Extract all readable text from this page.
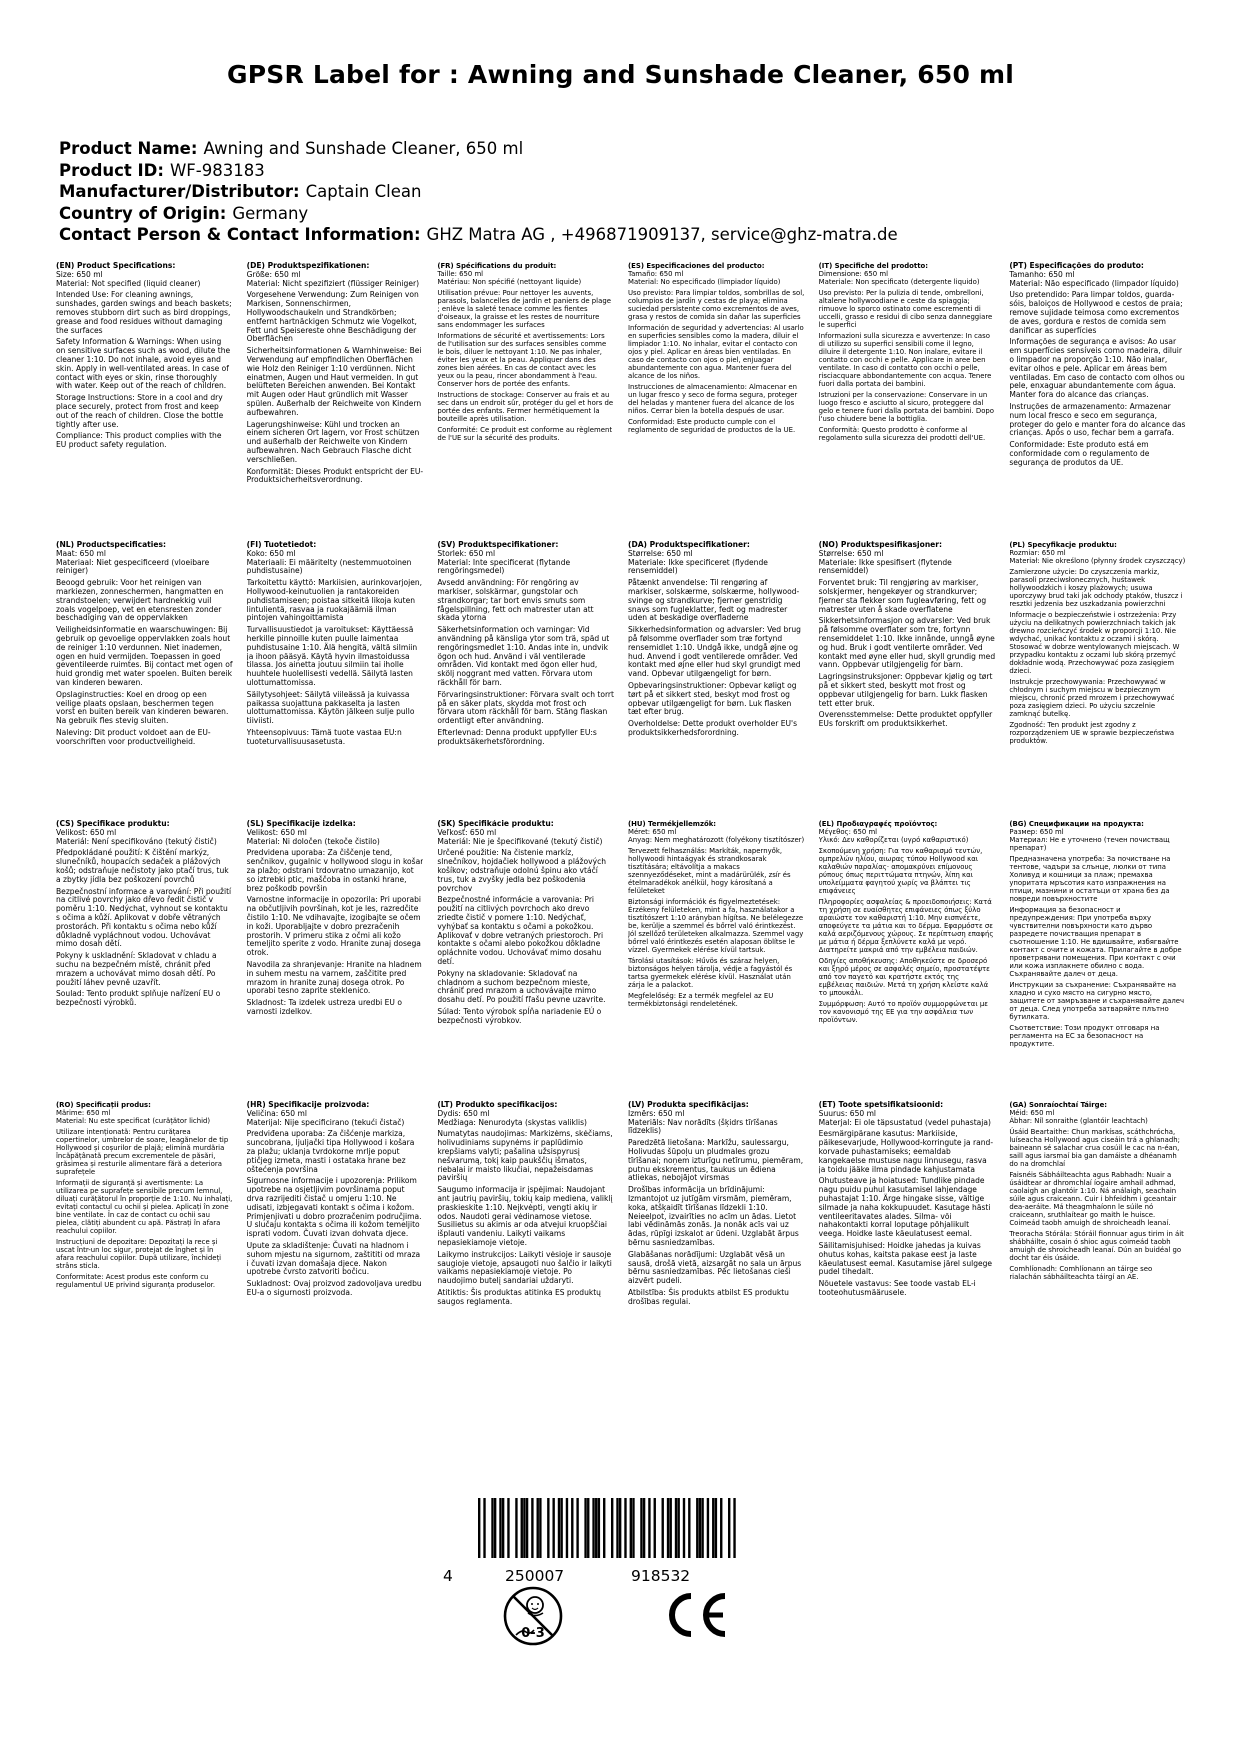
GPSR Label for : Awning and Sunshade Cleaner, 650 ml
Product Name: Awning and Sunshade Cleaner, 650 ml
Product ID: WF-983183
Manufacturer/Distributor: Captain Clean
Country of Origin: Germany
Contact Person & Contact Information: GHZ Matra AG , +496871909137, service@ghz-matra.de
(EN) Product Specifications:
Size: 650 ml
Material: Not specified (liquid cleaner)
Intended Use: For cleaning awnings, sunshades, garden swings and beach baskets; removes stubborn dirt such as bird droppings, grease and food residues without damaging the surfaces
Safety Information & Warnings: When using on sensitive surfaces such as wood, dilute the cleaner 1:10. Do not inhale, avoid eyes and skin. Apply in well-ventilated areas. In case of contact with eyes or skin, rinse thoroughly with water. Keep out of the reach of children.
Storage Instructions: Store in a cool and dry place securely, protect from frost and keep out of the reach of children. Close the bottle tightly after use.
Compliance: This product complies with the EU product safety regulation.
(DE) Produktspezifikationen:
Größe: 650 ml
Material: Nicht spezifiziert (flüssiger Reiniger)
Vorgesehene Verwendung: Zum Reinigen von Markisen, Sonnenschirmen, Hollywoodschaukeln und Strandkörben; entfernt hartnäckigen Schmutz wie Vogelkot, Fett und Speisereste ohne Beschädigung der Oberflächen
Sicherheitsinformationen & Warnhinweise: Bei Verwendung auf empfindlichen Oberflächen wie Holz den Reiniger 1:10 verdünnen. Nicht einatmen, Augen und Haut vermeiden. In gut belüfteten Bereichen anwenden. Bei Kontakt mit Augen oder Haut gründlich mit Wasser spülen. Außerhalb der Reichweite von Kindern aufbewahren.
Lagerungshinweise: Kühl und trocken an einem sicheren Ort lagern, vor Frost schützen und außerhalb der Reichweite von Kindern aufbewahren. Nach Gebrauch Flasche dicht verschließen.
Konformität: Dieses Produkt entspricht der EU-Produktsicherheitsverordnung.
(FR) Spécifications du produit:
Taille: 650 ml
Matériau: Non spécifié (nettoyant liquide)
Utilisation prévue: Pour nettoyer les auvents, parasols, balancelles de jardin et paniers de plage ; enlève la saleté tenace comme les fientes d'oiseaux, la graisse et les restes de nourriture sans endommager les surfaces
Informations de sécurité et avertissements: Lors de l'utilisation sur des surfaces sensibles comme le bois, diluer le nettoyant 1:10. Ne pas inhaler, éviter les yeux et la peau. Appliquer dans des zones bien aérées. En cas de contact avec les yeux ou la peau, rincer abondamment à l'eau. Conserver hors de portée des enfants.
Instructions de stockage: Conserver au frais et au sec dans un endroit sûr, protéger du gel et hors de portée des enfants. Fermer hermétiquement la bouteille après utilisation.
Conformité: Ce produit est conforme au règlement de l'UE sur la sécurité des produits.
(ES) Especificaciones del producto:
Tamaño: 650 ml
Material: No especificado (limpiador líquido)
Uso previsto: Para limpiar toldos, sombrillas de sol, columpios de jardín y cestas de playa; elimina suciedad persistente como excrementos de aves, grasa y restos de comida sin dañar las superficies
Información de seguridad y advertencias: Al usarlo en superficies sensibles como la madera, diluir el limpiador 1:10. No inhalar, evitar el contacto con ojos y piel. Aplicar en áreas bien ventiladas. En caso de contacto con ojos o piel, enjuagar abundantemente con agua. Mantener fuera del alcance de los niños.
Instrucciones de almacenamiento: Almacenar en un lugar fresco y seco de forma segura, proteger del heladas y mantener fuera del alcance de los niños. Cerrar bien la botella después de usar.
Conformidad: Este producto cumple con el reglamento de seguridad de productos de la UE.
(IT) Specifiche del prodotto:
Dimensione: 650 ml
Materiale: Non specificato (detergente liquido)
Uso previsto: Per la pulizia di tende, ombrelloni, altalene hollywoodiane e ceste da spiaggia; rimuove lo sporco ostinato come escrementi di uccelli, grasso e residui di cibo senza danneggiare le superfici
Informazioni sulla sicurezza e avvertenze: In caso di utilizzo su superfici sensibili come il legno, diluire il detergente 1:10. Non inalare, evitare il contatto con occhi e pelle. Applicare in aree ben ventilate. In caso di contatto con occhi o pelle, risciacquare abbondantemente con acqua. Tenere fuori dalla portata dei bambini.
Istruzioni per la conservazione: Conservare in un luogo fresco e asciutto al sicuro, proteggere dal gelo e tenere fuori dalla portata dei bambini. Dopo l'uso chiudere bene la bottiglia.
Conformità: Questo prodotto è conforme al regolamento sulla sicurezza dei prodotti dell'UE.
(PT) Especificações do produto:
Tamanho: 650 ml
Material: Não especificado (limpador líquido)
Uso pretendido: Para limpar toldos, guarda-sóis, baloiços de Hollywood e cestos de praia; remove sujidade teimosa como excrementos de aves, gordura e restos de comida sem danificar as superfícies
Informações de segurança e avisos: Ao usar em superfícies sensíveis como madeira, diluir o limpador na proporção 1:10. Não inalar, evitar olhos e pele. Aplicar em áreas bem ventiladas. Em caso de contacto com olhos ou pele, enxaguar abundantemente com água. Manter fora do alcance das crianças.
Instruções de armazenamento: Armazenar num local fresco e seco em segurança, proteger do gelo e manter fora do alcance das crianças. Após o uso, fechar bem a garrafa.
Conformidade: Este produto está em conformidade com o regulamento de segurança de produtos da UE.
(NL) Productspecificaties:
Maat: 650 ml
Materiaal: Niet gespecificeerd (vloeibare reiniger)
Beoogd gebruik: Voor het reinigen van markiezen, zonneschermen, hangmatten en strandstoelen; verwijdert hardnekkig vuil zoals vogelpoep, vet en etensresten zonder beschadiging van de oppervlakken
Veiligheidsinformatie en waarschuwingen: Bij gebruik op gevoelige oppervlakken zoals hout de reiniger 1:10 verdunnen. Niet inademen, ogen en huid vermijden. Toepassen in goed geventileerde ruimtes. Bij contact met ogen of huid grondig met water spoelen. Buiten bereik van kinderen bewaren.
Opslaginstructies: Koel en droog op een veilige plaats opslaan, beschermen tegen vorst en buiten bereik van kinderen bewaren. Na gebruik fles stevig sluiten.
Naleving: Dit product voldoet aan de EU-voorschriften voor productveiligheid.
(FI) Tuotetiedot:
Koko: 650 ml
Materiaali: Ei määritelty (nestemmuotoinen puhdistusaine)
Tarkoitettu käyttö: Markiisien, aurinkovarjojen, Hollywood-keinutuolien ja rantakoreiden puhdistamiseen; poistaa sitkeitä likoja kuten lintulientä, rasvaa ja ruokajäämiä ilman pintojen vahingoittamista
Turvallisuustiedot ja varoitukset: Käyttäessä herkille pinnoille kuten puulle laimentaa puhdistusaine 1:10. Älä hengitä, vältä silmiin ja ihoon pääsyä. Käytä hyvin ilmastoidussa tilassa. Jos ainetta joutuu silmiin tai iholle huuhtele huolellisesti vedellä. Säilytä lasten ulottumattomissa.
Säilytysohjeet: Säilytä viileässä ja kuivassa paikassa suojattuna pakkaselta ja lasten ulottumattomissa. Käytön jälkeen sulje pullo tiiviisti.
Yhteensopivuus: Tämä tuote vastaa EU:n tuoteturvallisuusasetusta.
(SV) Produktspecifikationer:
Storlek: 650 ml
Material: Inte specificerat (flytande rengöringsmedel)
Avsedd användning: För rengöring av markiser, solskärmar, gungstolar och strandkorgar; tar bort envis smuts som fågelspillning, fett och matrester utan att skada ytorna
Säkerhetsinformation och varningar: Vid användning på känsliga ytor som trä, späd ut rengöringsmedlet 1:10. Andas inte in, undvik ögon och hud. Använd i väl ventilerade områden. Vid kontakt med ögon eller hud, skölj noggrant med vatten. Förvara utom räckhåll för barn.
Förvaringsinstruktioner: Förvara svalt och torrt på en säker plats, skydda mot frost och förvara utom räckhåll för barn. Stäng flaskan ordentligt efter användning.
Efterlevnad: Denna produkt uppfyller EU:s produktsäkerhetsförordning.
(DA) Produktspecifikationer:
Størrelse: 650 ml
Materiale: Ikke specificeret (flydende rensemiddel)
Påtænkt anvendelse: Til rengøring af markiser, solskærme, solskærme, hollywood-svinge og strandkurve; fjerner genstridig snavs som fugleklatter, fedt og madrester uden at beskadige overfladerne
Sikkerhedsinformation og advarsler: Ved brug på følsomme overflader som træ fortynd rensemidlet 1:10. Undgå ikke, undgå øjne og hud. Anvend i godt ventilerede områder. Ved kontakt med øjne eller hud skyl grundigt med vand. Opbevar utilgængeligt for børn.
Opbevaringsinstruktioner: Opbevar køligt og tørt på et sikkert sted, beskyt mod frost og opbevar utilgængeligt for børn. Luk flasken tæt efter brug.
Overholdelse: Dette produkt overholder EU's produktsikkerhedsforordning.
(NO) Produktspesifikasjoner:
Størrelse: 650 ml
Materiale: Ikke spesifisert (flytende rensemiddel)
Forventet bruk: Til rengjøring av markiser, solskjermer, hengekøyer og strandkurver; fjerner sta flekker som fugleavføring, fett og matrester uten å skade overflatene
Sikkerhetsinformasjon og advarsler: Ved bruk på følsomme overflater som tre, fortynn rensemiddelet 1:10. Ikke innånde, unngå øyne og hud. Bruk i godt ventilerte områder. Ved kontakt med øyne eller hud, skyll grundig med vann. Oppbevar utilgjengelig for barn.
Lagringsinstruksjoner: Oppbevar kjølig og tørt på et sikkert sted, beskytt mot frost og oppbevar utilgjengelig for barn. Lukk flasken tett etter bruk.
Overensstemmelse: Dette produktet oppfyller EUs forskrift om produktsikkerhet.
(PL) Specyfikacje produktu:
Rozmiar: 650 ml
Materiał: Nie określono (płynny środek czyszczący)
Zamierzone użycie: Do czyszczenia markiz, parasoli przeciwsłonecznych, huśtawek hollywoodzkich i koszy plażowych; usuwa uporczywy brud taki jak odchody ptaków, tłuszcz i resztki jedzenia bez uszkadzania powierzchni
Informacje o bezpieczeństwie i ostrzeżenia: Przy użyciu na delikatnych powierzchniach takich jak drewno rozcieńczyć środek w proporcji 1:10. Nie wdychać, unikać kontaktu z oczami i skórą. Stosować w dobrze wentylowanych miejscach. W przypadku kontaktu z oczami lub skórą przemyć dokładnie wodą. Przechowywać poza zasięgiem dzieci.
Instrukcje przechowywania: Przechowywać w chłodnym i suchym miejscu w bezpiecznym miejscu, chronić przed mrozem i przechowywać poza zasięgiem dzieci. Po użyciu szczelnie zamknąć butelkę.
Zgodność: Ten produkt jest zgodny z rozporządzeniem UE w sprawie bezpieczeństwa produktów.
(CS) Specifikace produktu:
Velikost: 650 ml
Materiál: Není specifikováno (tekutý čistič)
Předpokládané použití: K čištění markýz, slunečníků, houpacích sedaček a plážových košů; odstraňuje nečistoty jako ptačí trus, tuk a zbytky jídla bez poškození povrchů
Bezpečnostní informace a varování: Při použití na citlivé povrchy jako dřevo ředit čistič v poměru 1:10. Nedýchat, vyhnout se kontaktu s očima a kůží. Aplikovat v dobře větraných prostorách. Při kontaktu s očima nebo kůží důkladně vypláchnout vodou. Uchovávat mimo dosah dětí.
Pokyny k uskladnění: Skladovat v chladu a suchu na bezpečném místě, chránit před mrazem a uchovávat mimo dosah dětí. Po použití láhev pevně uzavřít.
Soulad: Tento produkt splňuje nařízení EU o bezpečnosti výrobků.
(SL) Specifikacije izdelka:
Velikost: 650 ml
Material: Ni določen (tekoče čistilo)
Predvidena uporaba: Za čiščenje tend, senčnikov, gugalnic v hollywood slogu in košar za plažo; odstrani trdovratno umazanijo, kot so iztrebki ptic, maščoba in ostanki hrane, brez poškodb površin
Varnostne informacije in opozorila: Pri uporabi na občutljivih površinah, kot je les, razredčite čistilo 1:10. Ne vdihavajte, izogibajte se očem in koži. Uporabljajte v dobro prezračenih prostorih. V primeru stika z očmi ali kožo temeljito sperite z vodo. Hranite zunaj dosega otrok.
Navodila za shranjevanje: Hranite na hladnem in suhem mestu na varnem, zaščitite pred mrazom in hranite zunaj dosega otrok. Po uporabi tesno zaprite steklenico.
Skladnost: Ta izdelek ustreza uredbi EU o varnosti izdelkov.
(SK) Špecifikácie produktu:
Veľkosť: 650 ml
Materiál: Nie je špecifikované (tekutý čistič)
Určené použitie: Na čistenie markíz, slnečníkov, hojdačiek hollywood a plážových košíkov; odstraňuje odolnú špinu ako vtáčí trus, tuk a zvyšky jedla bez poškodenia povrchov
Bezpečnostné informácie a varovania: Pri použití na citlivých povrchoch ako drevo zriedte čistič v pomere 1:10. Nedýchať, vyhýbať sa kontaktu s očami a pokožkou. Aplikovať v dobre vetraných priestoroch. Pri kontakte s očami alebo pokožkou dôkladne opláchnite vodou. Uchovávať mimo dosahu detí.
Pokyny na skladovanie: Skladovať na chladnom a suchom bezpečnom mieste, chrániť pred mrazom a uchovávajte mimo dosahu detí. Po použití fľašu pevne uzavrite.
Súlad: Tento výrobok spĺňa nariadenie EÚ o bezpečnosti výrobkov.
(HU) Termékjellemzők:
Méret: 650 ml
Anyag: Nem meghatározott (folyékony tisztítószer)
Tervezett felhasználás: Markíták, napernyők, hollywoodi hintaágyak és strandkosarak tisztítására; eltávolítja a makacs szennyeződéseket, mint a madárürülék, zsír és ételmaradékok anélkül, hogy károsítaná a felületeket
Biztonsági információk és figyelmeztetések: Érzékeny felületeken, mint a fa, használatakor a tisztítószert 1:10 arányban hígítsa. Ne belélegezze be, kerülje a szemmel és bőrrel való érintkezést. Jól szellőző területeken alkalmazza. Szemmel vagy bőrrel való érintkezés esetén alaposan öblítse le vízzel. Gyermekek elérése kívül tartsuk.
Tárolási utasítások: Hűvös és száraz helyen, biztonságos helyen tárolja, védje a fagyástól és tartsa gyermekek elérése kívül. Használat után zárja le a palackot.
Megfelelőség: Ez a termék megfelel az EU termékbiztonsági rendeletének.
(EL) Προδιαγραφές προϊόντος:
Μέγεθος: 650 ml
Υλικό: Δεν καθορίζεται (υγρό καθαριστικό)
Σκοπούμενη χρήση: Για τον καθαρισμό τεντών, ομπρελών ηλίου, αιωρας τύπου Hollywood και καλαθιών παραλίας· απομακρύνει επίμονους ρύπους όπως περιττώματα πτηνών, λίπη και υπολείμματα φαγητού χωρίς να βλάπτει τις επιφάνειες
Πληροφορίες ασφαλείας & προειδοποιήσεις: Κατά τη χρήση σε ευαίσθητες επιφάνειες όπως ξύλο αραιώστε τον καθαριστή 1:10. Μην εισπνέετε, αποφεύγετε τα μάτια και το δέρμα. Εφαρμόστε σε καλά αεριζόμενους χώρους. Σε περίπτωση επαφής με μάτια ή δέρμα ξεπλύνετε καλά με νερό. Διατηρείτε μακριά από την εμβέλεια παιδιών.
Οδηγίες αποθήκευσης: Αποθηκεύστε σε δροσερό και ξηρό μέρος σε ασφαλές σημείο, προστατέψτε από τον παγετό και κρατήστε εκτός της εμβέλειας παιδιών. Μετά τη χρήση κλείστε καλά το μπουκάλι.
Συμμόρφωση: Αυτό το προϊόν συμμορφώνεται με τον κανονισμό της ΕΕ για την ασφάλεια των προϊόντων.
(BG) Спецификации на продукта:
Размер: 650 ml
Материал: Не е уточнено (течен почистващ препарат)
Предназначена употреба: За почистване на тентове, чадъри за слънце, люлки от типа Холивуд и кошници за плаж; премахва упоритата мръсотия като изпражнения на птици, мазнини и остатъци от храна без да повреди повърхностите
Информация за безопасност и предупреждения: При употреба върху чувствителни повърхности като дърво разредете почистващия препарат в съотношение 1:10. Не вдишвайте, избягвайте контакт с очите и кожата. Прилагайте в добре проветрявани помещения. При контакт с очи или кожа изплакнете обилно с вода. Съхранявайте далеч от деца.
Инструкции за съхранение: Съхранявайте на хладно и сухо място на сигурно място, защитете от замръзване и съхранявайте далеч от деца. След употреба затваряйте плътно бутилката.
Съответствие: Този продукт отговаря на регламента на ЕС за безопасност на продуктите.
(RO) Specificații produs:
Mărime: 650 ml
Material: Nu este specificat (curățător lichid)
Utilizare intenționată: Pentru curățarea copertinelor, umbrelor de soare, leagănelor de tip Hollywood și coșurilor de plajă; elimină murdăria încăpățânată precum excrementele de păsări, grăsimea și resturile alimentare fără a deteriora suprafețele
Informații de siguranță și avertismente: La utilizarea pe suprafețe sensibile precum lemnul, diluați curățătorul în proporție de 1:10. Nu inhalați, evitați contactul cu ochii și pielea. Aplicați în zone bine ventilate. În caz de contact cu ochii sau pielea, clătiți abundent cu apă. Păstrați în afara reachului copiilor.
Instrucțiuni de depozitare: Depozitați la rece și uscat într-un loc sigur, protejat de înghet și în afara reachului copiilor. După utilizare, închideți strâns sticla.
Conformitate: Acest produs este conform cu regulamentul UE privind siguranța produselor.
(HR) Specifikacije proizvoda:
Veličina: 650 ml
Materijal: Nije specificirano (tekući čistač)
Predviđena uporaba: Za čišćenje markiza, suncobrana, ljuljački tipa Hollywood i košara za plažu; uklanja tvrdokorne mrlje poput ptičjeg izmeta, masti i ostataka hrane bez oštećenja površina
Sigurnosne informacije i upozorenja: Prilikom upotrebe na osjetljivim površinama poput drva razrijediti čistač u omjeru 1:10. Ne udisati, izbjegavati kontakt s očima i kožom. Primjenjivati u dobro prozračenim područjima. U slučaju kontakta s očima ili kožom temeljito isprati vodom. Čuvati izvan dohvata djece.
Upute za skladištenje: Čuvati na hladnom i suhom mjestu na sigurnom, zaštititi od mraza i čuvati izvan domašaja djece. Nakon upotrebe čvrsto zatvoriti bočicu.
Sukladnost: Ovaj proizvod zadovoljava uredbu EU-a o sigurnosti proizvoda.
(LT) Produkto specifikacijos:
Dydis: 650 ml
Medžiaga: Nenurodyta (skystas valiklis)
Numatytas naudojimas: Markizėms, skėčiams, holivudiniams supynėms ir paplūdimio krepšiams valyti; pašalina užsispyrusį nešvarumą, tokį kaip paukščių išmatos, riebalai ir maisto likučiai, nepažeisdamas paviršių
Saugumo informacija ir įspėjimai: Naudojant ant jautrių paviršių, tokių kaip mediena, valiklį praskieskite 1:10. Neįkvėpti, vengti akių ir odos. Naudoti gerai vėdinamose vietose. Susilietus su akimis ar oda atvejui kruopščiai išplauti vandeniu. Laikyti vaikams nepasiekiamoje vietoje.
Laikymo instrukcijos: Laikyti vėsioje ir sausoje saugioje vietoje, apsaugoti nuo šalčio ir laikyti vaikams nepasiekiamoje vietoje. Po naudojimo butelį sandariai uždaryti.
Atitiktis: Šis produktas atitinka ES produktų saugos reglamenta.
(LV) Produkta specifikācijas:
Izmērs: 650 ml
Materiāls: Nav norādīts (šķidrs tīrīšanas līdzeklis)
Paredzētā lietošana: Markīžu, saulessargu, Holivudas šūpoļu un pludmales grozu tīrīšanai; noņem izturīgu netīrumu, piemēram, putnu ekskrementus, taukus un ēdiena atliekas, nebojājot virsmas
Drošības informācija un brīdinājumi: Izmantojot uz jutīgām virsmām, piemēram, koka, atšķaidīt tīrīšanas līdzekli 1:10. Neieelpot, izvairīties no acīm un ādas. Lietot labi vēdināmās zonās. Ja nonāk acīs vai uz ādas, rūpīgi izskalot ar ūdeni. Uzglabāt ārpus bērnu sasniedzamības.
Glabāšanas norādījumi: Uzglabāt vēsā un sausā, drošā vietā, aizsargāt no sala un ārpus bērnu sasniedzamības. Pēc lietošanas cieši aizvērt pudeli.
Atbilstība: Šis produkts atbilst ES produktu drošības regulai.
(ET) Toote spetsifikatsioonid:
Suurus: 650 ml
Materjal: Ei ole täpsustatud (vedel puhastaja)
Eesmärgipärane kasutus: Markiiside, päikesevarjude, Hollywood-korringute ja rand-korvade puhastamiseks; eemaldab kangekaelse mustuse nagu linnusegu, rasva ja toidu jääke ilma pindade kahjustamata
Ohutusteave ja hoiatused: Tundlike pindade nagu puidu puhul kasutamisel lahjendage puhastajat 1:10. Ärge hingake sisse, vältige silmade ja naha kokkupuudet. Kasutage hästi ventileeritavates alades. Silma- või nahakontakti korral loputage põhjalikult veega. Hoidke laste käeulatusest eemal.
Säilitamisjuhised: Hoidke jahedas ja kuivas ohutus kohas, kaitsta pakase eest ja laste käeulatusest eemal. Kasutamise järel sulgege pudel tihedalt.
Nõuetele vastavus: See toode vastab EL-i tooteohutusmäärusele.
(GA) Sonraíochtaí Táirge:
Méid: 650 ml
Ábhar: Níl sonraithe (glantóir leachtach)
Úsáid Beartaithe: Chun markísas, scáthchrócha, luíseacha Hollywood agus ciseáin trá a ghlanadh; baineann sé salachar crua cosúil le cac na n-éan, saill agus iarsmaí bia gan damáiste a dhéanamh do na dromchlaí
Faisnéis Sábháilteachta agus Rabhadh: Nuair a úsáidtear ar dhromchlaí íogaire amhail adhmad, caolaigh an glantóir 1:10. Ná análaigh, seachain súile agus craiceann. Cuir i bhfeidhm i gceantair dea-aeráite. Má theagmhaíonn le súile nó craiceann, sruthlaítear go maith le huisce. Coimeád taobh amuigh de shroicheadh leanaí.
Treoracha Stórála: Stóráil fionnuar agus tirim in áit shábháilte, cosain ó shioc agus coimeád taobh amuigh de shroicheadh leanaí. Dún an buidéal go docht tar éis úsáide.
Comhlíonadh: Comhlíonann an táirge seo rialachán sábháilteachta táirgí an AE.
4	250007	918532
0-3
